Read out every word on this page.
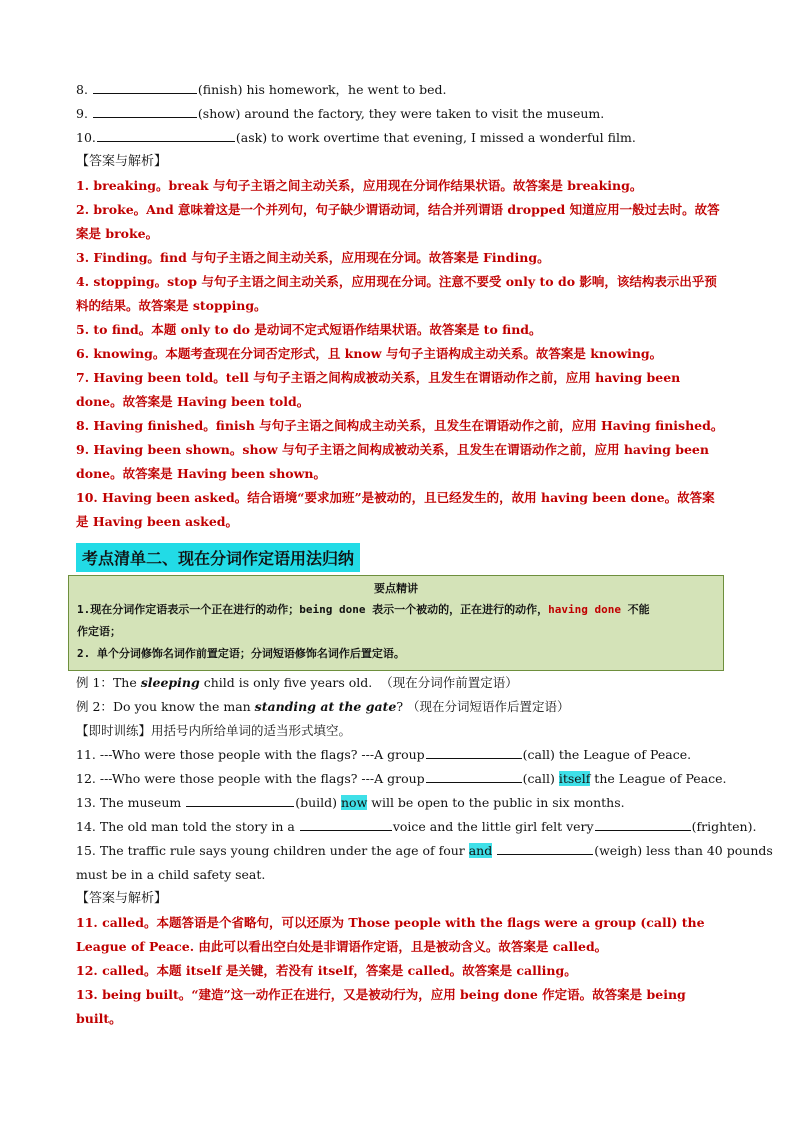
8.	(finish) his homework，he went to bed.
9.	(show) around the factory, they were taken to visit the museum.
10.	(ask) to work overtime that evening, I missed a wonderful film.
【答案与解析】
1. breaking。break 与句子主语之间主动关系，应用现在分词作结果状语。故答案是 breaking。
2. broke。And 意味着这是一个并列句，句子缺少谓语动词，结合并列谓语 dropped 知道应用一般过去时。故答案是 broke。
3. Finding。find 与句子主语之间主动关系，应用现在分词。故答案是 Finding。
4. stopping。stop 与句子主语之间主动关系，应用现在分词。注意不要受 only to do 影响，该结构表示出乎预料的结果。故答案是 stopping。
5. to find。本题 only to do 是动词不定式短语作结果状语。故答案是 to find。
6. knowing。本题考查现在分词否定形式，且 know 与句子主语构成主动关系。故答案是 knowing。
7. Having been told。tell 与句子主语之间构成被动关系，且发生在谓语动作之前，应用 having been done。故答案是 Having been told。
8. Having finished。finish 与句子主语之间构成主动关系，且发生在谓语动作之前，应用 Having finished。
9. Having been shown。show 与句子主语之间构成被动关系，且发生在谓语动作之前，应用 having been done。故答案是 Having been shown。
10. Having been asked。结合语境“要求加班”是被动的，且已经发生的，故用 having been done。故答案是 Having been asked。
考点清单二、现在分词作定语用法归纳
要点精讲
1.现在分词作定语表示一个正在进行的动作；being done 表示一个被动的，正在进行的动作，having done 不能
作定语；
2. 单个分词修饰名词作前置定语；分词短语修饰名词作后置定语。
例 1：The sleeping child is only five years old. （现在分词作前置定语）
例 2：Do you know the man standing at the gate? （现在分词短语作后置定语）
【即时训练】用括号内所给单词的适当形式填空。
11. ---Who were those people with the flags? ---A group	(call) the League of Peace.
12. ---Who were those people with the flags? ---A group	(call) itself the League of Peace.
13. The museum	(build) now will be open to the public in six months.
14. The old man told the story in a	voice and the little girl felt very	(frighten).
15. The traffic rule says young children under the age of four and	(weigh) less than 40 pounds
must be in a child safety seat.
【答案与解析】
11. called。本题答语是个省略句，可以还原为 Those people with the flags were a group (call) the League of Peace. 由此可以看出空白处是非谓语作定语，且是被动含义。故答案是 called。
12. called。本题 itself 是关键，若没有 itself，答案是 called。故答案是 calling。
13. being built。“建造”这一动作正在进行，又是被动行为，应用 being done 作定语。故答案是 being built。
